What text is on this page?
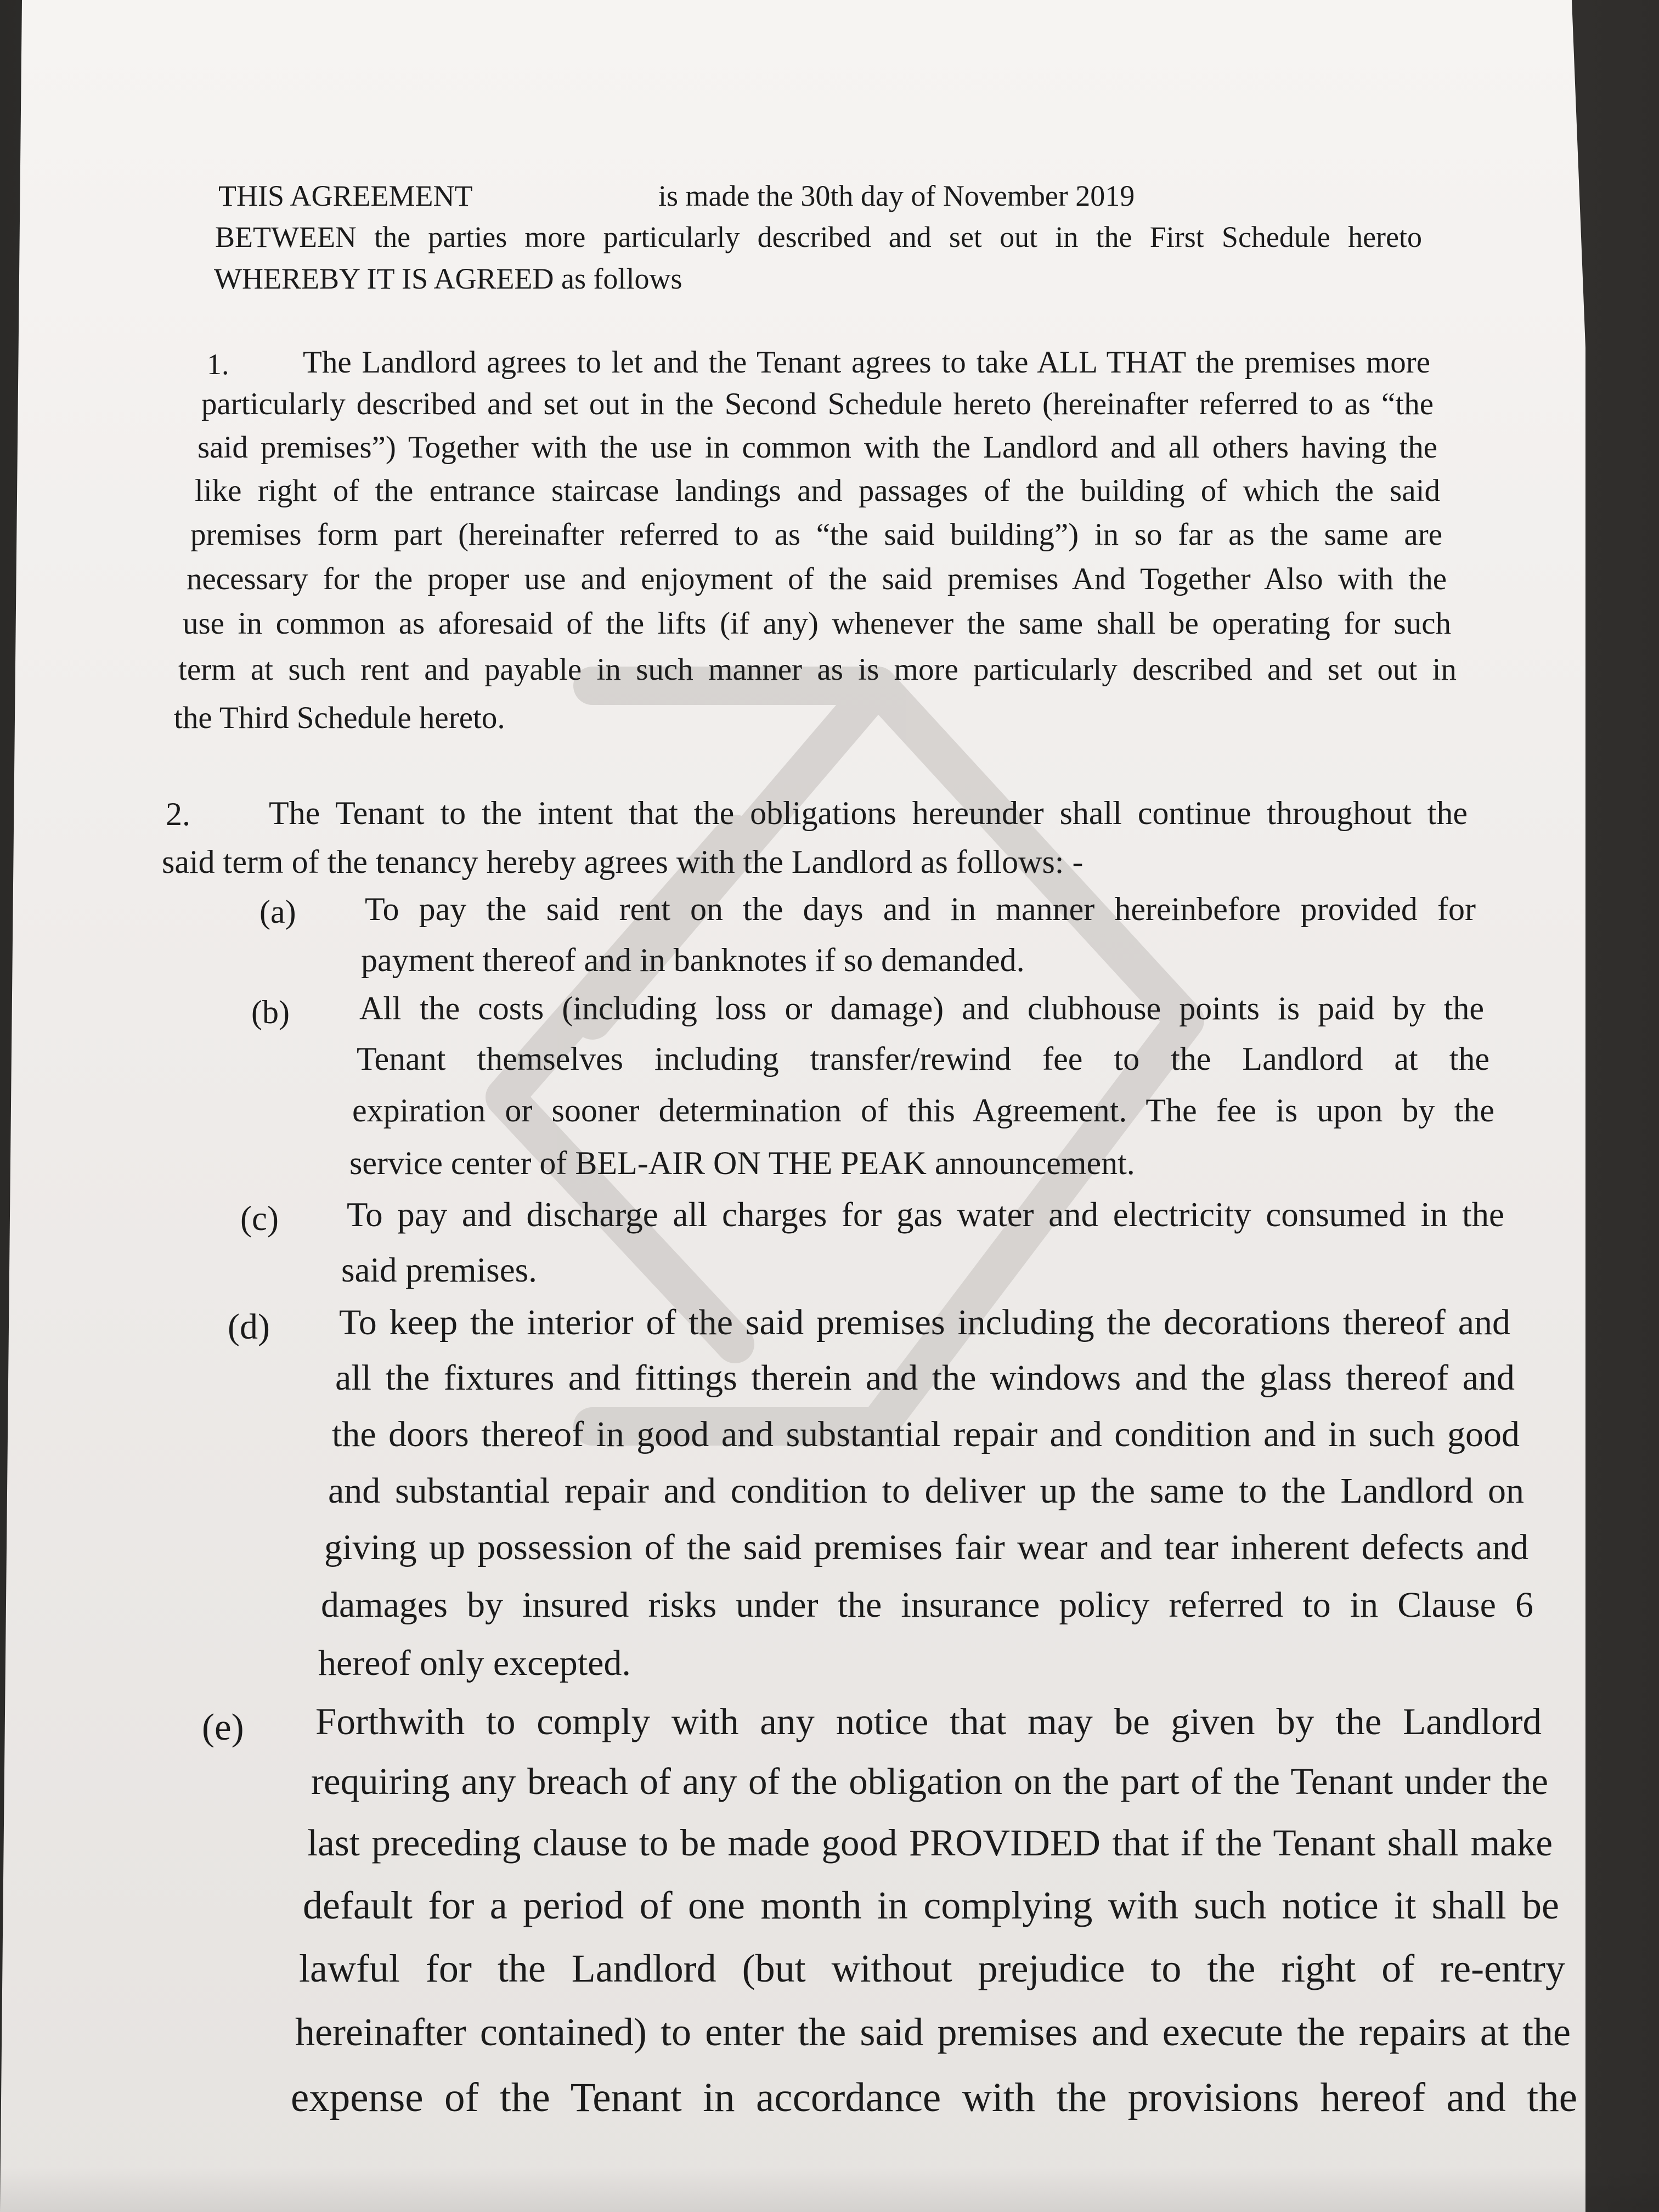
THIS AGREEMENT	is made the 30th day of November 2019
BETWEEN the parties more particularly described and set out in the First Schedule hereto
WHEREBY IT IS AGREED as follows
1. The Landlord agrees to let and the Tenant agrees to take ALL THAT the premises more
particularly described and set out in the Second Schedule hereto (hereinafter referred to as “the
said premises”) Together with the use in common with the Landlord and all others having the
like right of the entrance staircase landings and passages of the building of which the said
premises form part (hereinafter referred to as “the said building”) in so far as the same are
necessary for the proper use and enjoyment of the said premises And Together Also with the
use in common as aforesaid of the lifts (if any) whenever the same shall be operating for such
term at such rent and payable in such manner as is more particularly described and set out in
the Third Schedule hereto.
2. The Tenant to the intent that the obligations hereunder shall continue throughout the
said term of the tenancy hereby agrees with the Landlord as follows: -
(a) To pay the said rent on the days and in manner hereinbefore provided for
payment thereof and in banknotes if so demanded.
(b) All the costs (including loss or damage) and clubhouse points is paid by the
Tenant themselves including transfer/rewind fee to the Landlord at the
expiration or sooner determination of this Agreement. The fee is upon by the
service center of BEL-AIR ON THE PEAK announcement.
(c) To pay and discharge all charges for gas water and electricity consumed in the
said premises.
(d) To keep the interior of the said premises including the decorations thereof and
all the fixtures and fittings therein and the windows and the glass thereof and
the doors thereof in good and substantial repair and condition and in such good
and substantial repair and condition to deliver up the same to the Landlord on
giving up possession of the said premises fair wear and tear inherent defects and
damages by insured risks under the insurance policy referred to in Clause 6
hereof only excepted.
(e) Forthwith to comply with any notice that may be given by the Landlord
requiring any breach of any of the obligation on the part of the Tenant under the
last preceding clause to be made good PROVIDED that if the Tenant shall make
default for a period of one month in complying with such notice it shall be
lawful for the Landlord (but without prejudice to the right of re-entry
hereinafter contained) to enter the said premises and execute the repairs at the
expense of the Tenant in accordance with the provisions hereof and the
